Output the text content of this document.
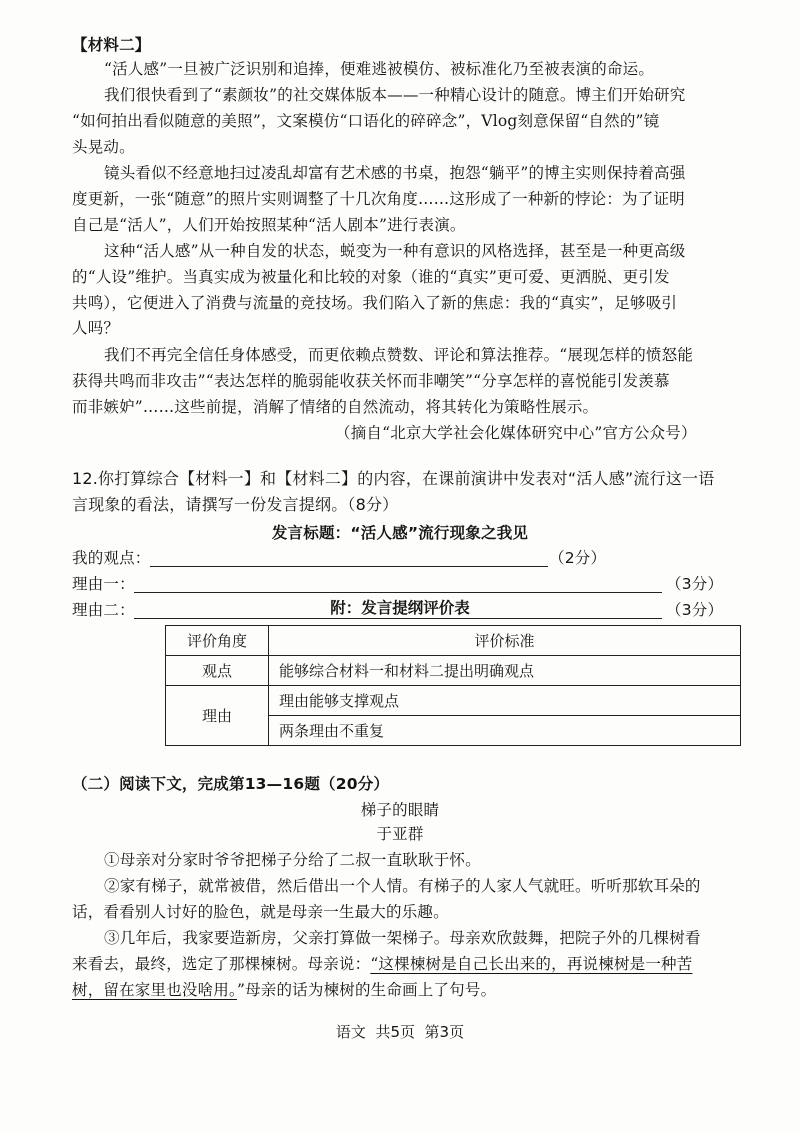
【材料二】

“活人感”一旦被广泛识别和追捧，便难逃被模仿、被标准化乃至被表演的命运。

我们很快看到了“素颜妆”的社交媒体版本——一种精心设计的随意。博主们开始研究

“如何拍出看似随意的美照”，文案模仿“口语化的碎碎念”，Vlog刻意保留“自然的”镜

头晃动。

镜头看似不经意地扫过凌乱却富有艺术感的书桌，抱怨“躺平”的博主实则保持着高强

度更新，一张“随意”的照片实则调整了十几次角度……这形成了一种新的悖论：为了证明

自己是“活人”，人们开始按照某种“活人剧本”进行表演。

这种“活人感”从一种自发的状态，蜕变为一种有意识的风格选择，甚至是一种更高级

的“人设”维护。当真实成为被量化和比较的对象（谁的“真实”更可爱、更洒脱、更引发

共鸣），它便进入了消费与流量的竞技场。我们陷入了新的焦虑：我的“真实”，足够吸引

人吗？

我们不再完全信任身体感受，而更依赖点赞数、评论和算法推荐。“展现怎样的愤怒能

获得共鸣而非攻击”“表达怎样的脆弱能收获关怀而非嘲笑”“分享怎样的喜悦能引发羡慕

而非嫉妒”……这些前提，消解了情绪的自然流动，将其转化为策略性展示。

（摘自“北京大学社会化媒体研究中心”官方公众号）

12.你打算综合【材料一】和【材料二】的内容，在课前演讲中发表对“活人感”流行这一语

言现象的看法，请撰写一份发言提纲。（8分）

发言标题：“活人感”流行现象之我见

我的观点：	（2分）

理由一：	（3分）

理由二：	（3分）

附：发言提纲评价表

评价角度	评价标准
观点	能够综合材料一和材料二提出明确观点
理由	理由能够支撑观点
	两条理由不重复

（二）阅读下文，完成第13—16题（20分）

梯子的眼睛

于亚群

①母亲对分家时爷爷把梯子分给了二叔一直耿耿于怀。

②家有梯子，就常被借，然后借出一个人情。有梯子的人家人气就旺。听听那软耳朵的

话，看看别人讨好的脸色，就是母亲一生最大的乐趣。

③几年后，我家要造新房，父亲打算做一架梯子。母亲欢欣鼓舞，把院子外的几棵树看

来看去，最终，选定了那棵楝树。母亲说：“这棵楝树是自己长出来的，再说楝树是一种苦

树，留在家里也没啥用。”母亲的话为楝树的生命画上了句号。

语文  共5页  第3页
